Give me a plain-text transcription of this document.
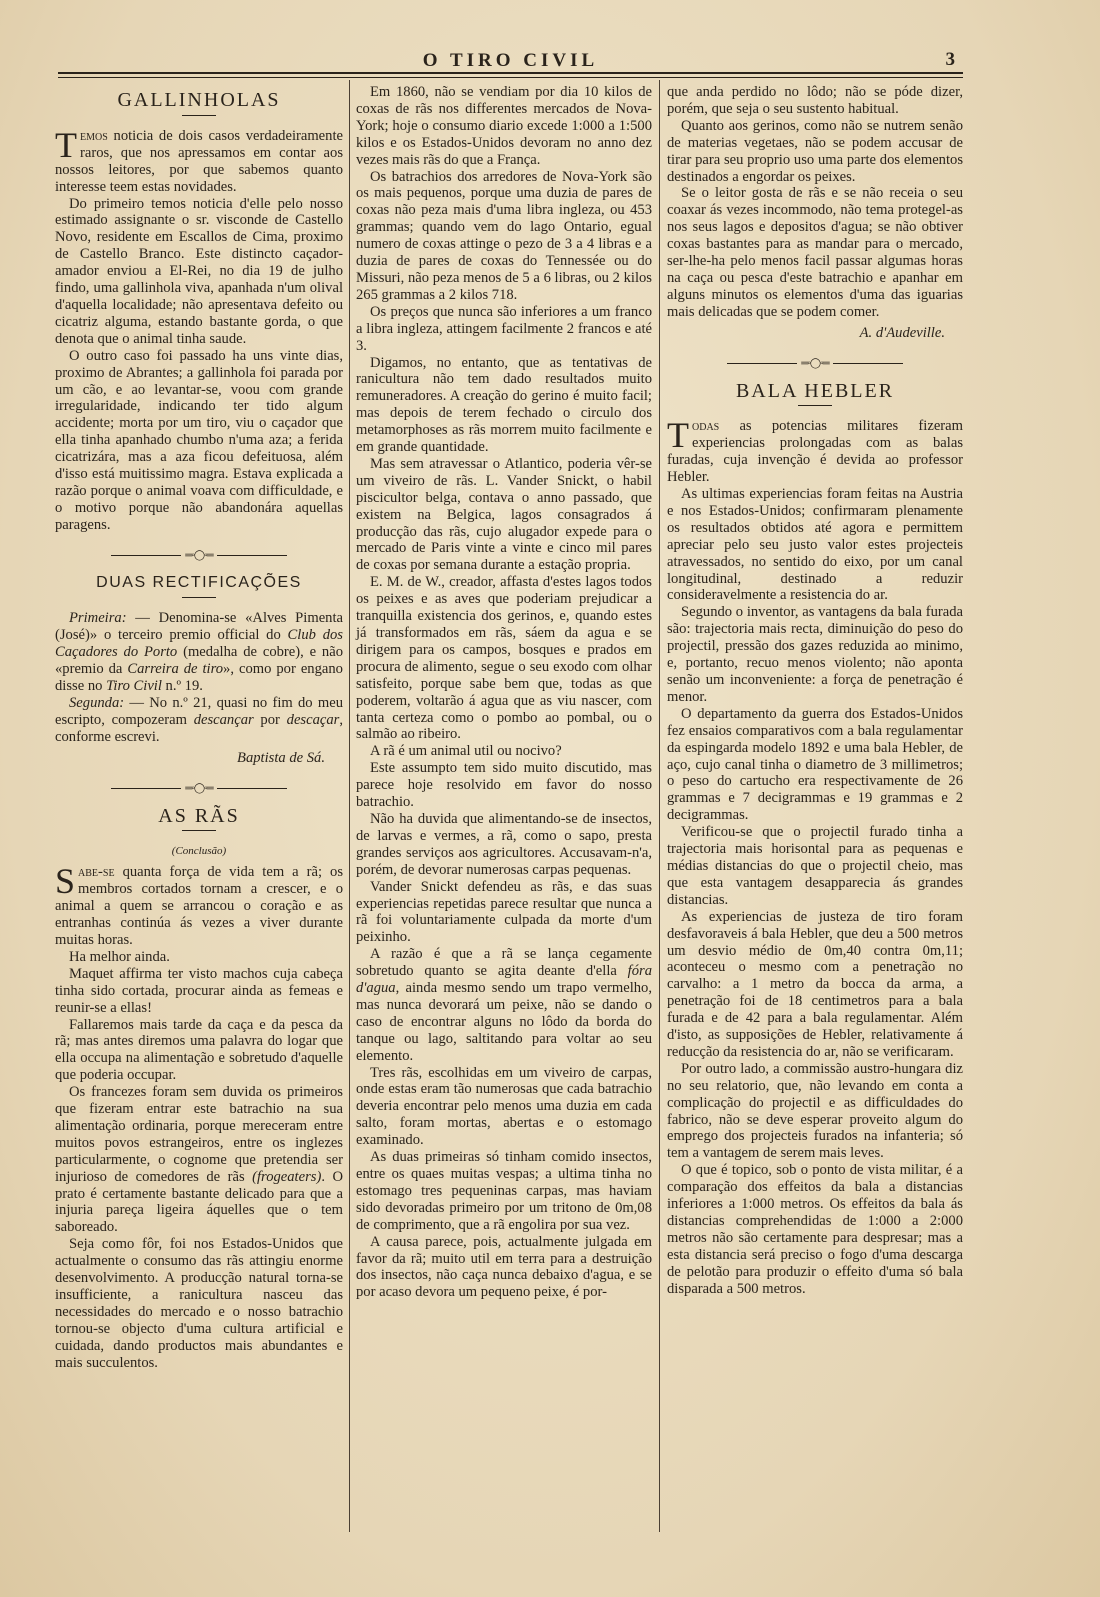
O TIRO CIVIL	3
GALLINHOLAS

Temos noticia de dois casos verdadeiramente raros, que nos apressamos em contar aos nossos leitores, por que sabemos quanto interesse teem estas novidades.

Do primeiro temos noticia d'elle pelo nosso estimado assignante o sr. visconde de Castello Novo, residente em Escallos de Cima, proximo de Castello Branco. Este distincto caçador-amador enviou a El-Rei, no dia 19 de julho findo, uma gallinhola viva, apanhada n'um olival d'aquella localidade; não apresentava defeito ou cicatriz alguma, estando bastante gorda, o que denota que o animal tinha saude.

O outro caso foi passado ha uns vinte dias, proximo de Abrantes; a gallinhola foi parada por um cão, e ao levantar-se, voou com grande irregularidade, indicando ter tido algum accidente; morta por um tiro, viu o caçador que ella tinha apanhado chumbo n'uma aza; a ferida cicatrizára, mas a aza ficou defeituosa, além d'isso está muitissimo magra. Estava explicada a razão porque o animal voava com difficuldade, e o motivo porque não abandonára aquellas paragens.

═◦◯◦═
DUAS RECTIFICAÇÕES

Primeira: — Denomina-se «Alves Pimenta (José)» o terceiro premio official do Club dos Caçadores do Porto (medalha de cobre), e não «premio da Carreira de tiro», como por engano disse no Tiro Civil n.º 19.

Segunda: — No n.º 21, quasi no fim do meu escripto, compozeram descançar por descaçar, conforme escrevi.

Baptista de Sá.
═◦◯◦═
AS RÃS
(Conclusão)

Sabe-se quanta força de vida tem a rã; os membros cortados tornam a crescer, e o animal a quem se arrancou o coração e as entranhas continúa ás vezes a viver durante muitas horas.

Ha melhor ainda.

Maquet affirma ter visto machos cuja cabeça tinha sido cortada, procurar ainda as femeas e reunir-se a ellas!

Fallaremos mais tarde da caça e da pesca da rã; mas antes diremos uma palavra do logar que ella occupa na alimentação e sobretudo d'aquelle que poderia occupar.

Os francezes foram sem duvida os primeiros que fizeram entrar este batrachio na sua alimentação ordinaria, porque mereceram entre muitos povos estrangeiros, entre os inglezes particularmente, o cognome que pretendia ser injurioso de comedores de rãs (frogeaters). O prato é certamente bastante delicado para que a injuria pareça ligeira áquelles que o tem saboreado.

Seja como fôr, foi nos Estados-Unidos que actualmente o consumo das rãs attingiu enorme desenvolvimento. A producção natural torna-se insufficiente, a ranicultura nasceu das necessidades do mercado e o nosso batrachio tornou-se objecto d'uma cultura artificial e cuidada, dando productos mais abundantes e mais succulentos.

Em 1860, não se vendiam por dia 10 kilos de coxas de rãs nos differentes mercados de Nova-York; hoje o consumo diario excede 1:000 a 1:500 kilos e os Estados-Unidos devoram no anno dez vezes mais rãs do que a França.

Os batrachios dos arredores de Nova-York são os mais pequenos, porque uma duzia de pares de coxas não peza mais d'uma libra ingleza, ou 453 grammas; quando vem do lago Ontario, egual numero de coxas attinge o pezo de 3 a 4 libras e a duzia de pares de coxas do Tennessée ou do Missuri, não peza menos de 5 a 6 libras, ou 2 kilos 265 grammas a 2 kilos 718.

Os preços que nunca são inferiores a um franco a libra ingleza, attingem facilmente 2 francos e até 3.

Digamos, no entanto, que as tentativas de ranicultura não tem dado resultados muito remuneradores. A creação do gerino é muito facil; mas depois de terem fechado o circulo dos metamorphoses as rãs morrem muito facilmente e em grande quantidade.

Mas sem atravessar o Atlantico, poderia vêr-se um viveiro de rãs. L. Vander Snickt, o habil piscicultor belga, contava o anno passado, que existem na Belgica, lagos consagrados á producção das rãs, cujo alugador expede para o mercado de Paris vinte a vinte e cinco mil pares de coxas por semana durante a estação propria.

E. M. de W., creador, affasta d'estes lagos todos os peixes e as aves que poderiam prejudicar a tranquilla existencia dos gerinos, e, quando estes já transformados em rãs, sáem da agua e se dirigem para os campos, bosques e prados em procura de alimento, segue o seu exodo com olhar satisfeito, porque sabe bem que, todas as que poderem, voltarão á agua que as viu nascer, com tanta certeza como o pombo ao pombal, ou o salmão ao ribeiro.

A rã é um animal util ou nocivo?

Este assumpto tem sido muito discutido, mas parece hoje resolvido em favor do nosso batrachio.

Não ha duvida que alimentando-se de insectos, de larvas e vermes, a rã, como o sapo, presta grandes serviços aos agricultores. Accusavam-n'a, porém, de devorar numerosas carpas pequenas.

Vander Snickt defendeu as rãs, e das suas experiencias repetidas parece resultar que nunca a rã foi voluntariamente culpada da morte d'um peixinho.

A razão é que a rã se lança cegamente sobretudo quanto se agita deante d'ella fóra d'agua, ainda mesmo sendo um trapo vermelho, mas nunca devorará um peixe, não se dando o caso de encontrar alguns no lôdo da borda do tanque ou lago, saltitando para voltar ao seu elemento.

Tres rãs, escolhidas em um viveiro de carpas, onde estas eram tão numerosas que cada batrachio deveria encontrar pelo menos uma duzia em cada salto, foram mortas, abertas e o estomago examinado.

As duas primeiras só tinham comido insectos, entre os quaes muitas vespas; a ultima tinha no estomago tres pequeninas carpas, mas haviam sido devoradas primeiro por um tritono de 0m,08 de comprimento, que a rã engolira por sua vez.

A causa parece, pois, actualmente julgada em favor da rã; muito util em terra para a destruição dos insectos, não caça nunca debaixo d'agua, e se por acaso devora um pequeno peixe, é por-

que anda perdido no lôdo; não se póde dizer, porém, que seja o seu sustento habitual.

Quanto aos gerinos, como não se nutrem senão de materias vegetaes, não se podem accusar de tirar para seu proprio uso uma parte dos elementos destinados a engordar os peixes.

Se o leitor gosta de rãs e se não receia o seu coaxar ás vezes incommodo, não tema protegel-as nos seus lagos e depositos d'agua; se não obtiver coxas bastantes para as mandar para o mercado, ser-lhe-ha pelo menos facil passar algumas horas na caça ou pesca d'este batrachio e apanhar em alguns minutos os elementos d'uma das iguarias mais delicadas que se podem comer.

A. d'Audeville.
═◦◯◦═
BALA HEBLER

Todas as potencias militares fizeram experiencias prolongadas com as balas furadas, cuja invenção é devida ao professor Hebler.

As ultimas experiencias foram feitas na Austria e nos Estados-Unidos; confirmaram plenamente os resultados obtidos até agora e permittem apreciar pelo seu justo valor estes projecteis atravessados, no sentido do eixo, por um canal longitudinal, destinado a reduzir consideravelmente a resistencia do ar.

Segundo o inventor, as vantagens da bala furada são: trajectoria mais recta, diminuição do peso do projectil, pressão dos gazes reduzida ao minimo, e, portanto, recuo menos violento; não aponta senão um inconveniente: a força de penetração é menor.

O departamento da guerra dos Estados-Unidos fez ensaios comparativos com a bala regulamentar da espingarda modelo 1892 e uma bala Hebler, de aço, cujo canal tinha o diametro de 3 millimetros; o peso do cartucho era respectivamente de 26 grammas e 7 decigrammas e 19 grammas e 2 decigrammas.

Verificou-se que o projectil furado tinha a trajectoria mais horisontal para as pequenas e médias distancias do que o projectil cheio, mas que esta vantagem desapparecia ás grandes distancias.

As experiencias de justeza de tiro foram desfavoraveis á bala Hebler, que deu a 500 metros um desvio médio de 0m,40 contra 0m,11; aconteceu o mesmo com a penetração no carvalho: a 1 metro da bocca da arma, a penetração foi de 18 centimetros para a bala furada e de 42 para a bala regulamentar. Além d'isto, as supposições de Hebler, relativamente á reducção da resistencia do ar, não se verificaram.

Por outro lado, a commissão austro-hungara diz no seu relatorio, que, não levando em conta a complicação do projectil e as difficuldades do fabrico, não se deve esperar proveito algum do emprego dos projecteis furados na infanteria; só tem a vantagem de serem mais leves.

O que é topico, sob o ponto de vista militar, é a comparação dos effeitos da bala a distancias inferiores a 1:000 metros. Os effeitos da bala ás distancias comprehendidas de 1:000 a 2:000 metros não são certamente para despresar; mas a esta distancia será preciso o fogo d'uma descarga de pelotão para produzir o effeito d'uma só bala disparada a 500 metros.
